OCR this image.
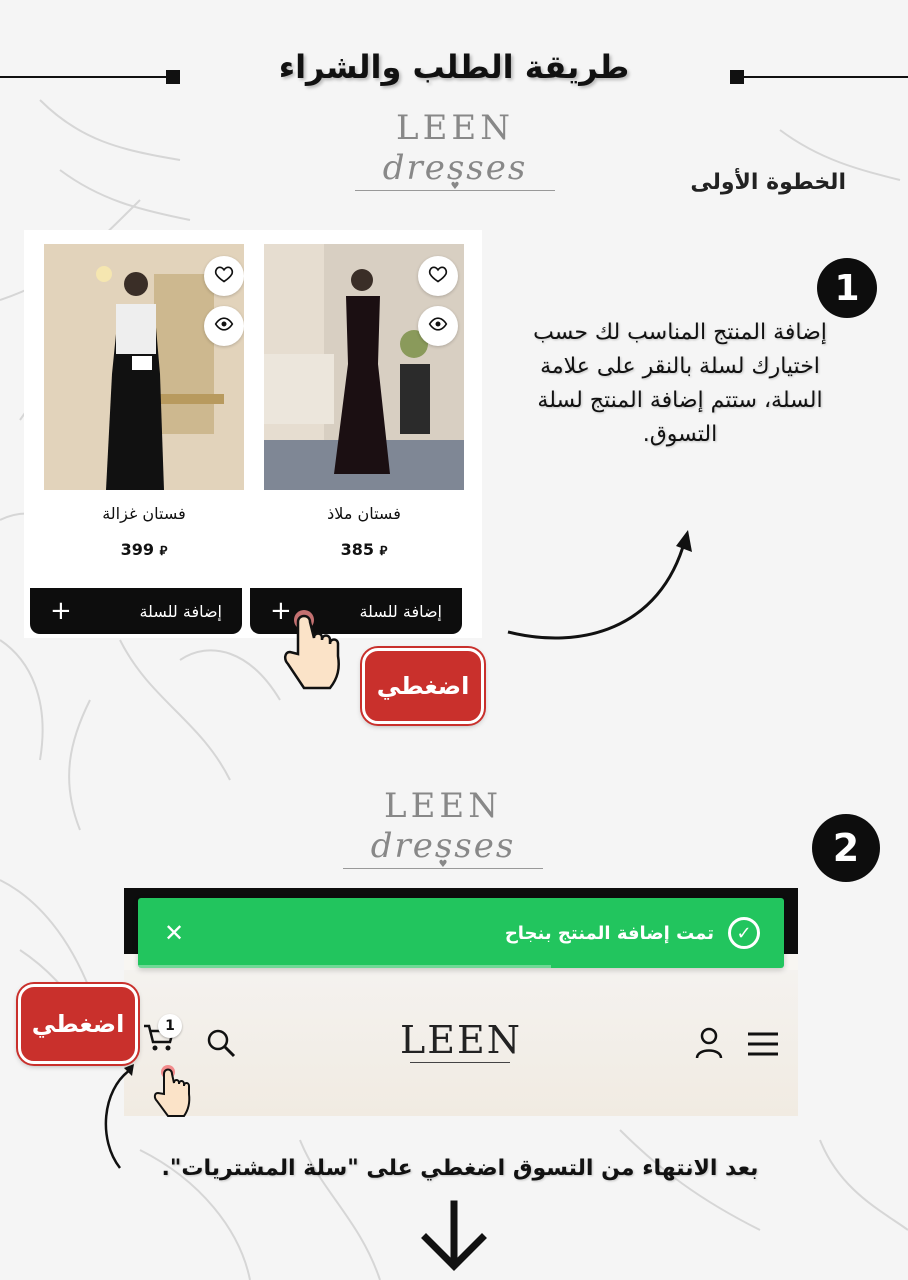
طريقة الطلب والشراء
LEEN dresses ♥	الخطوة الأولى
فستان غزالة
399 ⃁
إضافة للسلة
+
فستان ملاذ
385 ⃁
إضافة للسلة
+
اضغطي
1
إضافة المنتج المناسب لك حسب اختيارك لسلة بالنقر على علامة السلة، ستتم إضافة المنتج لسلة التسوق.
LEEN dresses ♥	2
✓
تمت إضافة المنتج بنجاح
✕
LEEN
1
اضغطي
بعد الانتهاء من التسوق اضغطي على "سلة المشتريات".
